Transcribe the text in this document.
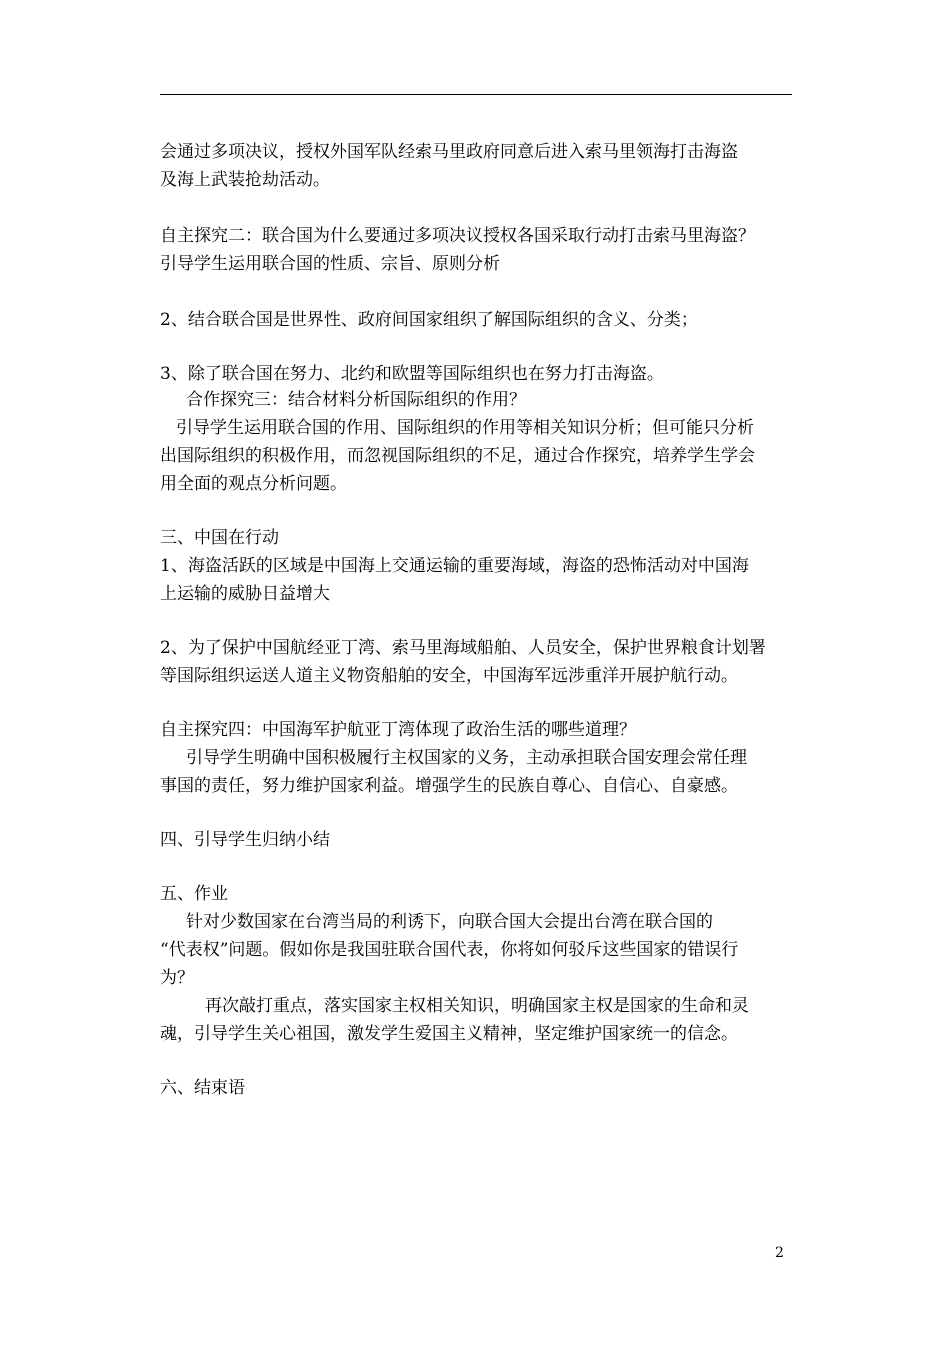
会通过多项决议，授权外国军队经索马里政府同意后进入索马里领海打击海盗

及海上武装抢劫活动。

自主探究二：联合国为什么要通过多项决议授权各国采取行动打击索马里海盗？

引导学生运用联合国的性质、宗旨、原则分析

2、结合联合国是世界性、政府间国家组织了解国际组织的含义、分类；

3、除了联合国在努力、北约和欧盟等国际组织也在努力打击海盗。

合作探究三：结合材料分析国际组织的作用？

引导学生运用联合国的作用、国际组织的作用等相关知识分析；但可能只分析

出国际组织的积极作用，而忽视国际组织的不足，通过合作探究，培养学生学会

用全面的观点分析问题。

三、中国在行动

1、海盗活跃的区域是中国海上交通运输的重要海域，海盗的恐怖活动对中国海

上运输的威胁日益增大

2、为了保护中国航经亚丁湾、索马里海域船舶、人员安全，保护世界粮食计划署

等国际组织运送人道主义物资船舶的安全，中国海军远涉重洋开展护航行动。

自主探究四：中国海军护航亚丁湾体现了政治生活的哪些道理？

引导学生明确中国积极履行主权国家的义务，主动承担联合国安理会常任理

事国的责任，努力维护国家利益。增强学生的民族自尊心、自信心、自豪感。

四、引导学生归纳小结

五、作业

针对少数国家在台湾当局的利诱下，向联合国大会提出台湾在联合国的

“代表权”问题。假如你是我国驻联合国代表，你将如何驳斥这些国家的错误行

为？

再次敲打重点，落实国家主权相关知识，明确国家主权是国家的生命和灵

魂，引导学生关心祖国，激发学生爱国主义精神，坚定维护国家统一的信念。

六、结束语

2
